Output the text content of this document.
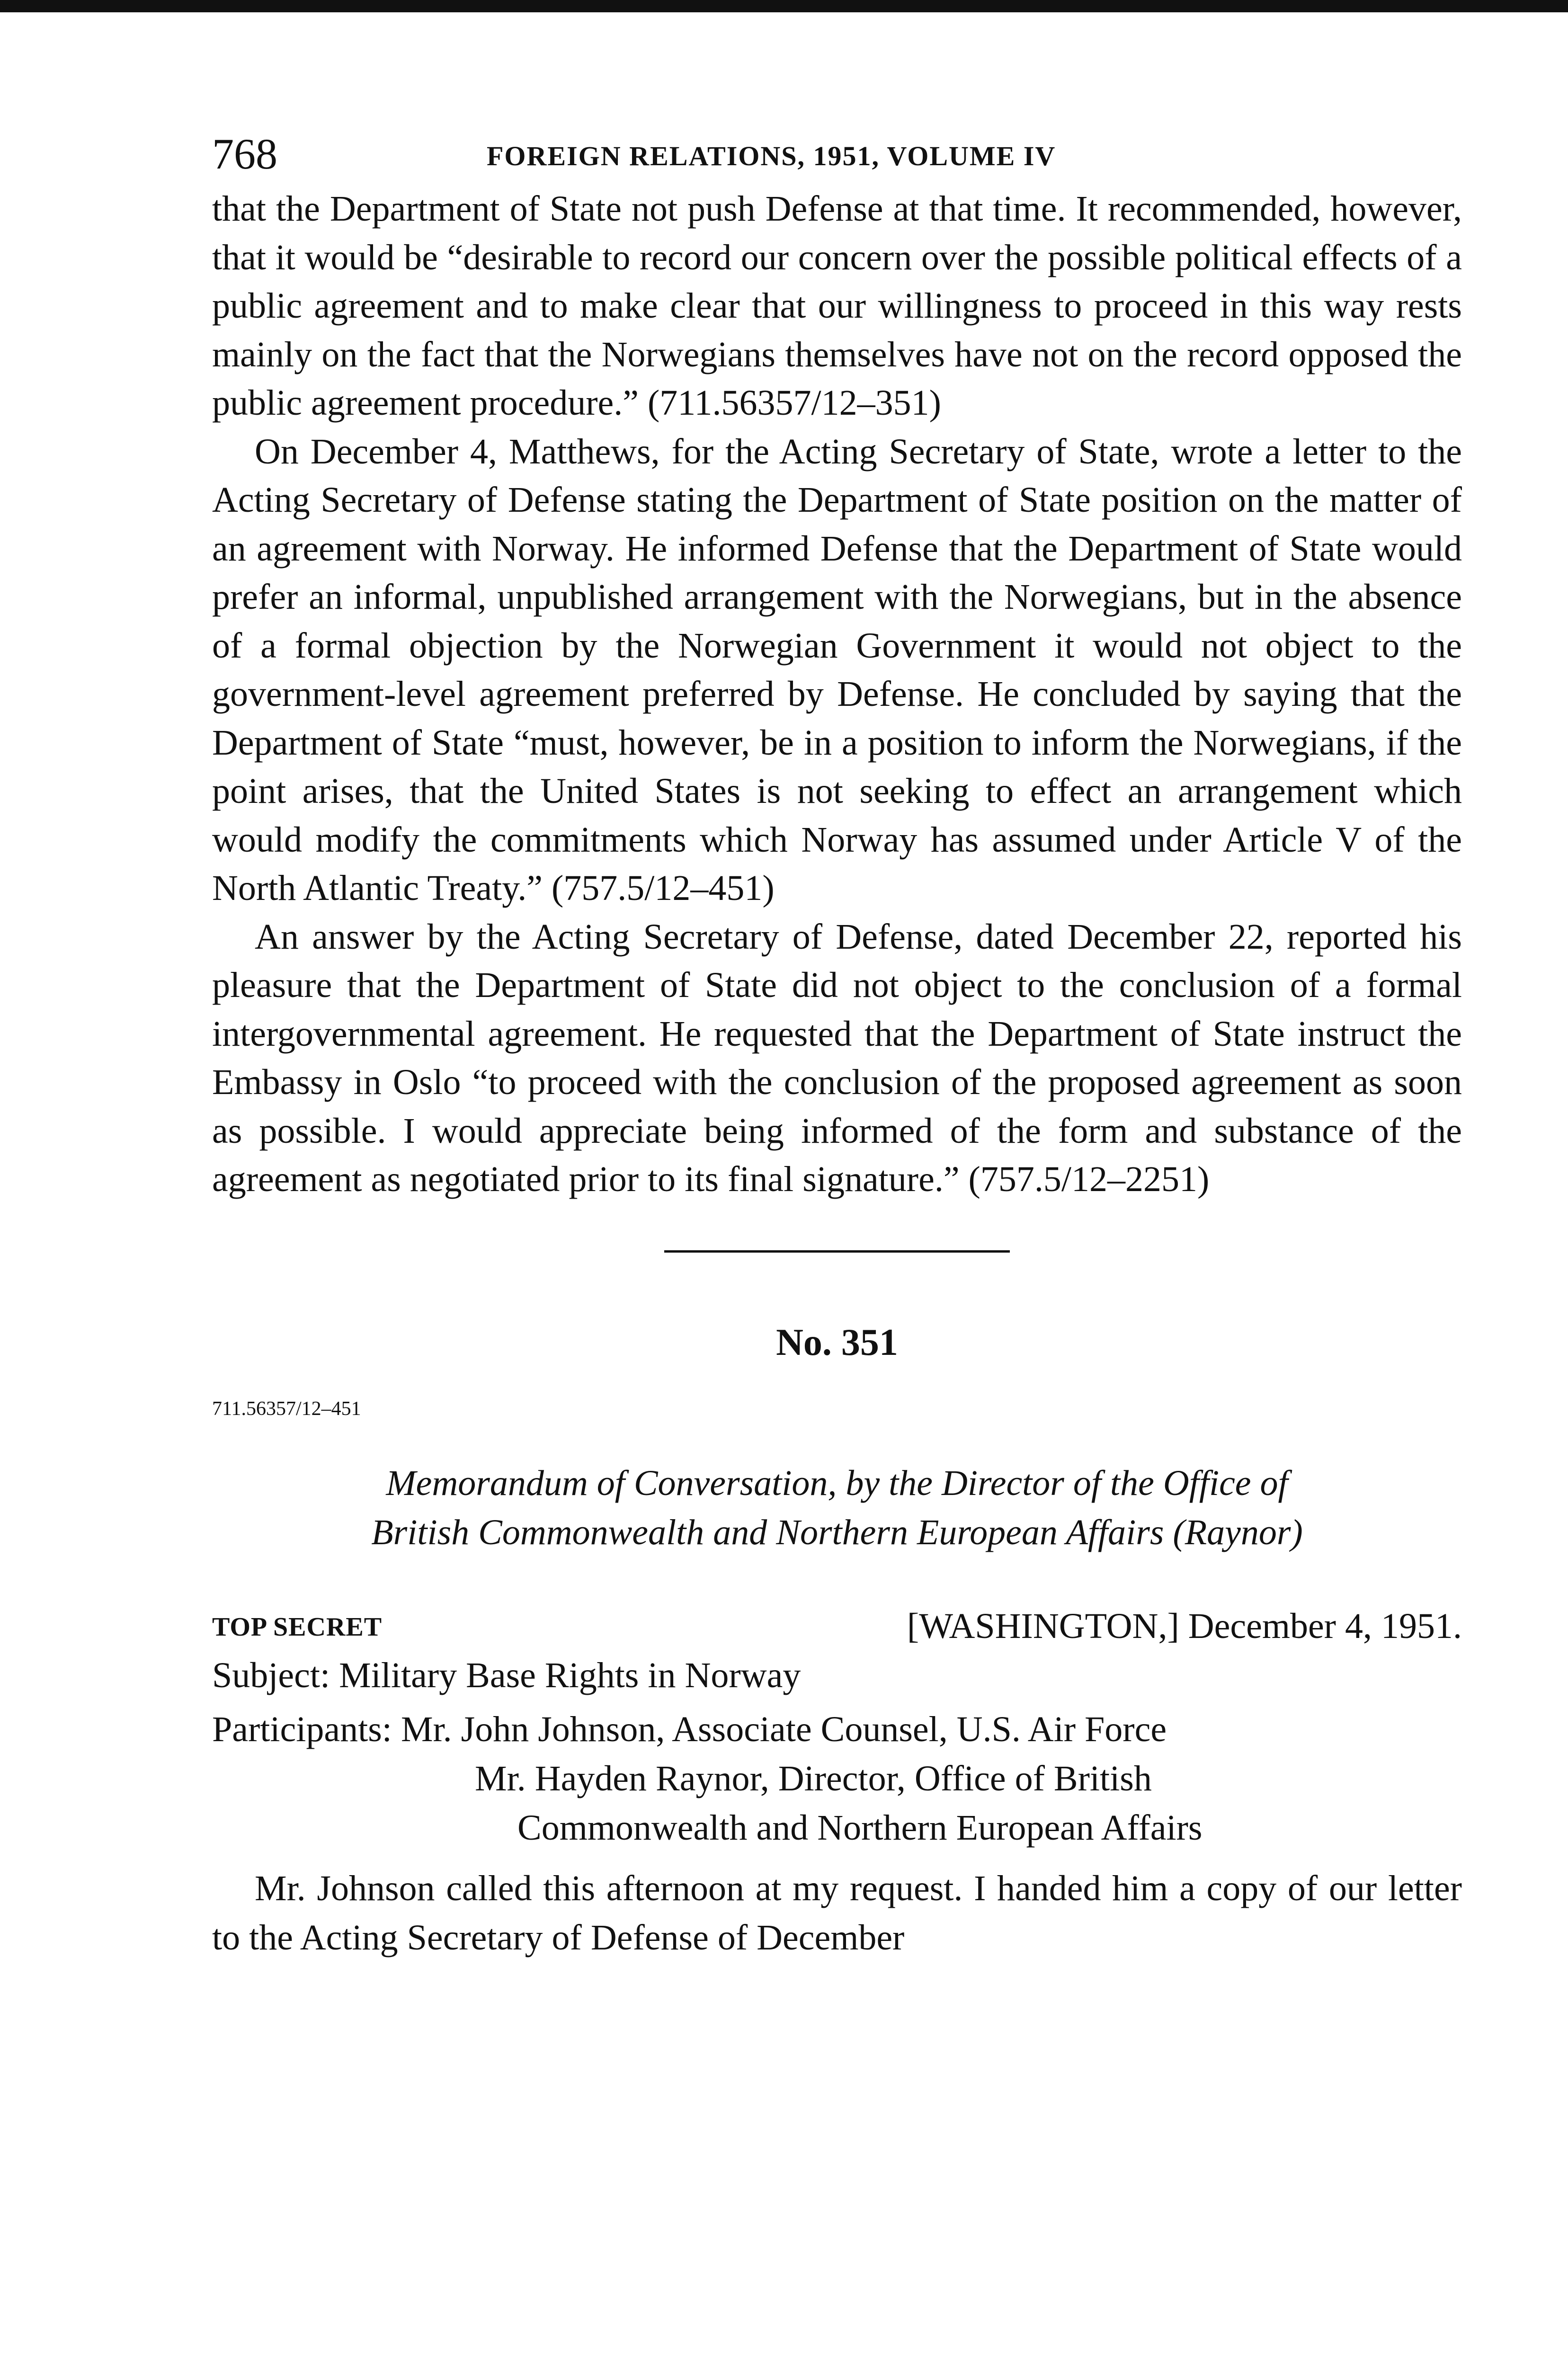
768	FOREIGN RELATIONS, 1951, VOLUME IV

that the Department of State not push Defense at that time. It recommended, however, that it would be “desirable to record our concern over the possible political effects of a public agreement and to make clear that our willingness to proceed in this way rests mainly on the fact that the Norwegians themselves have not on the record opposed the public agreement procedure.” (711.56357/12–351)

On December 4, Matthews, for the Acting Secretary of State, wrote a letter to the Acting Secretary of Defense stating the Department of State position on the matter of an agreement with Norway. He informed Defense that the Department of State would prefer an informal, unpublished arrangement with the Norwegians, but in the absence of a formal objection by the Norwegian Government it would not object to the government-level agreement preferred by Defense. He concluded by saying that the Department of State “must, however, be in a position to inform the Norwegians, if the point arises, that the United States is not seeking to effect an arrangement which would modify the commitments which Norway has assumed under Article V of the North Atlantic Treaty.” (757.5/12–451)

An answer by the Acting Secretary of Defense, dated December 22, reported his pleasure that the Department of State did not object to the conclusion of a formal intergovernmental agreement. He requested that the Department of State instruct the Embassy in Oslo “to proceed with the conclusion of the proposed agreement as soon as possible. I would appreciate being informed of the form and substance of the agreement as negotiated prior to its final signature.” (757.5/12–2251)

No. 351
711.56357/12–451
Memorandum of Conversation, by the Director of the Office of
British Commonwealth and Northern European Affairs (Raynor)
TOP SECRET	[WASHINGTON,] December 4, 1951.
Subject: Military Base Rights in Norway
Participants: Mr. John Johnson, Associate Counsel, U.S. Air Force
Mr. Hayden Raynor, Director, Office of British
Commonwealth and Northern European Affairs

Mr. Johnson called this afternoon at my request. I handed him a copy of our letter to the Acting Secretary of Defense of December
